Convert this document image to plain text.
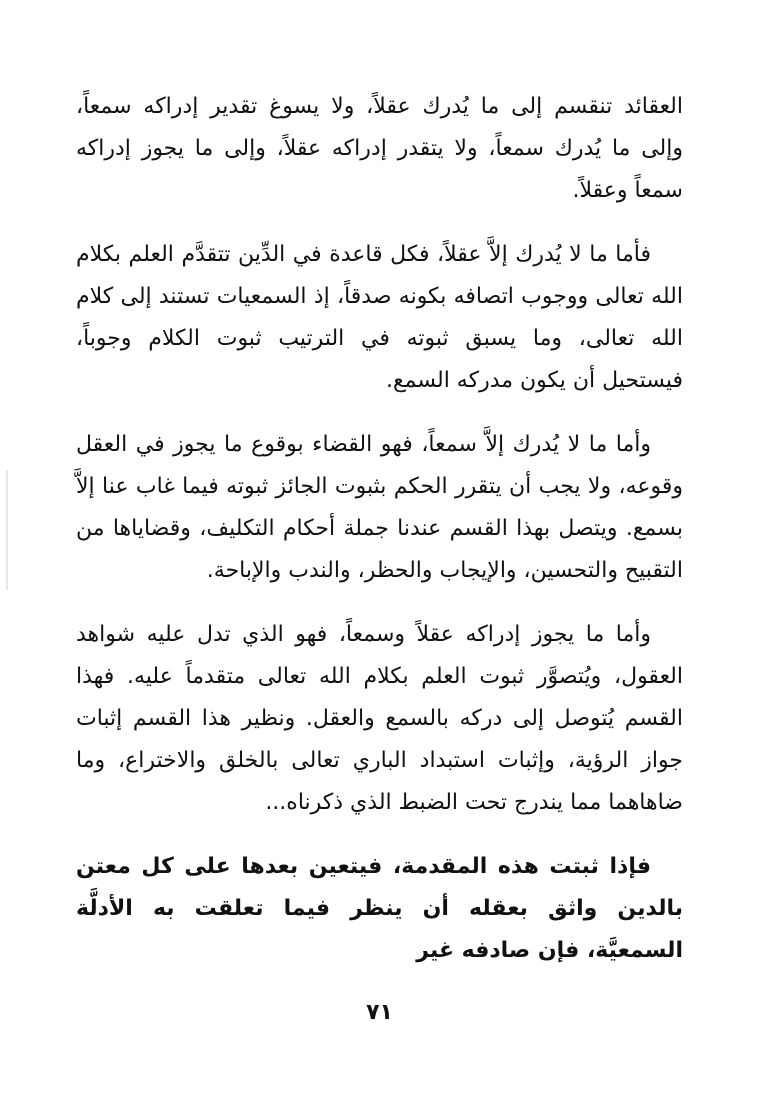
العقائد تنقسم إلى ما يُدرك عقلاً، ولا يسوغ تقدير إدراكه سمعاً، وإلى ما يُدرك سمعاً، ولا يتقدر إدراكه عقلاً، وإلى ما يجوز إدراكه سمعاً وعقلاً.

فأما ما لا يُدرك إلاَّ عقلاً، فكل قاعدة في الدِّين تتقدَّم العلم بكلام الله تعالى ووجوب اتصافه بكونه صدقاً، إذ السمعيات تستند إلى كلام الله تعالى، وما يسبق ثبوته في الترتيب ثبوت الكلام وجوباً، فيستحيل أن يكون مدركه السمع.

وأما ما لا يُدرك إلاَّ سمعاً، فهو القضاء بوقوع ما يجوز في العقل وقوعه، ولا يجب أن يتقرر الحكم بثبوت الجائز ثبوته فيما غاب عنا إلاَّ بسمع. ويتصل بهذا القسم عندنا جملة أحكام التكليف، وقضاياها من التقبيح والتحسين، والإيجاب والحظر، والندب والإباحة.

وأما ما يجوز إدراكه عقلاً وسمعاً، فهو الذي تدل عليه شواهد العقول، ويُتصوَّر ثبوت العلم بكلام الله تعالى متقدماً عليه. فهذا القسم يُتوصل إلى دركه بالسمع والعقل. ونظير هذا القسم إثبات جواز الرؤية، وإثبات استبداد الباري تعالى بالخلق والاختراع، وما ضاهاهما مما يندرج تحت الضبط الذي ذكرناه...

فإذا ثبتت هذه المقدمة، فيتعين بعدها على كل معتن بالدين واثق بعقله أن ينظر فيما تعلقت به الأدلَّة السمعيَّة، فإن صادفه غير

٧١
